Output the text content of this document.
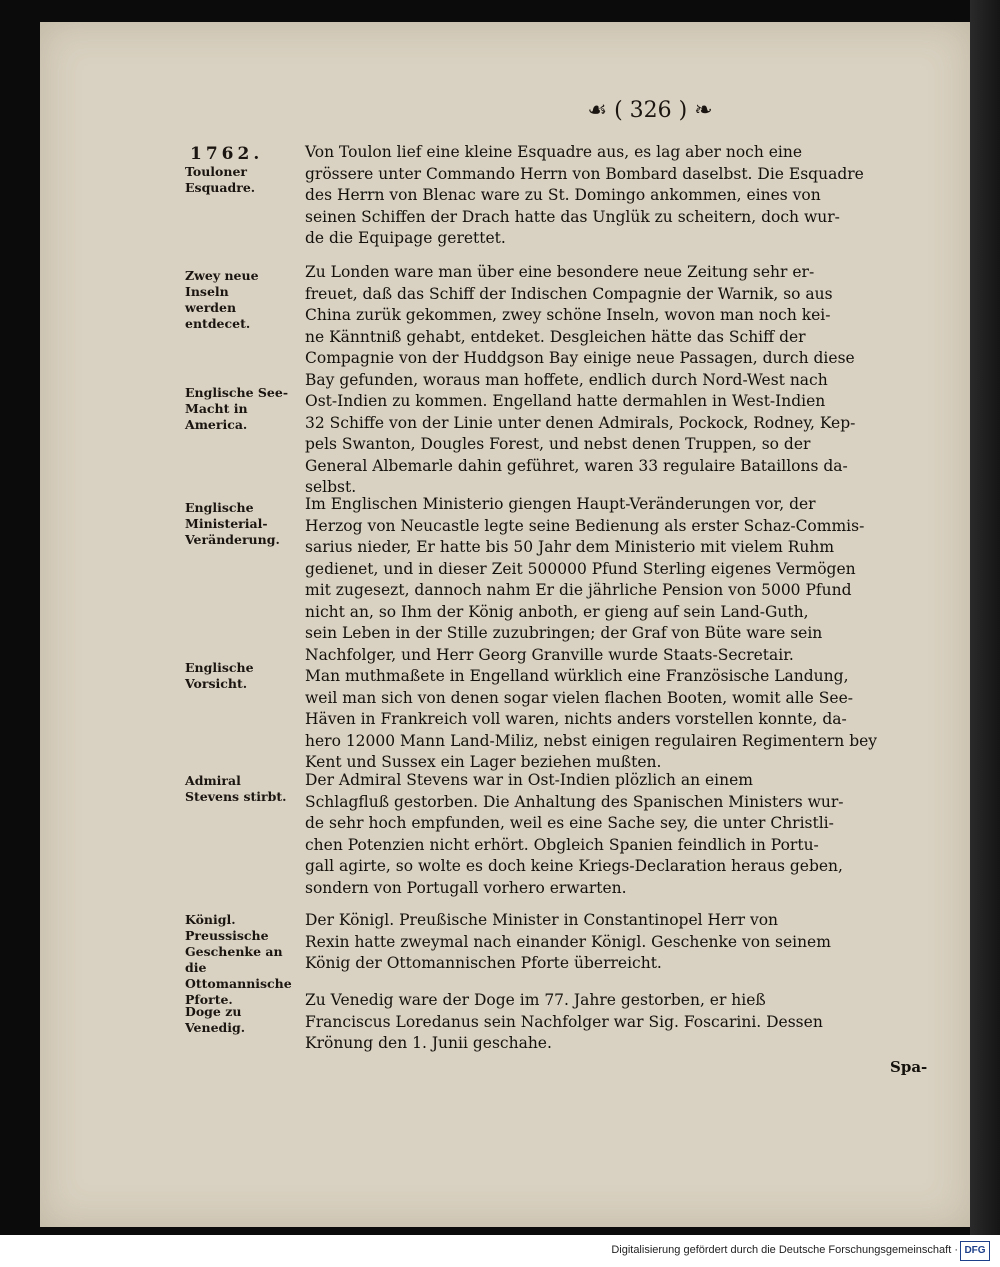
☙ ( 326 ) ❧
1762.
Touloner Esquadre.
Zwey neue Inseln werden entdecet.
Englische See-Macht in America.
Englische Ministerial-Veränderung.
Englische Vorsicht.
Admiral Stevens stirbt.
Königl. Preussische Geschenke an die Ottomannische Pforte.
Doge zu Venedig.
Von Toulon lief eine kleine Esquadre aus, es lag aber noch eine
grössere unter Commando Herrn von Bombard daselbst. Die Esquadre
des Herrn von Blenac ware zu St. Domingo ankommen, eines von
seinen Schiffen der Drach hatte das Unglük zu scheitern, doch wur-
de die Equipage gerettet.
Zu Londen ware man über eine besondere neue Zeitung sehr er-
freuet, daß das Schiff der Indischen Compagnie der Warnik, so aus
China zurük gekommen, zwey schöne Inseln, wovon man noch kei-
ne Känntniß gehabt, entdeket. Desgleichen hätte das Schiff der
Compagnie von der Huddgson Bay einige neue Passagen, durch diese
Bay gefunden, woraus man hoffete, endlich durch Nord-West nach
Ost-Indien zu kommen. Engelland hatte dermahlen in West-Indien
32 Schiffe von der Linie unter denen Admirals, Pockock, Rodney, Kep-
pels Swanton, Dougles Forest, und nebst denen Truppen, so der
General Albemarle dahin geführet, waren 33 regulaire Bataillons da-
selbst.
Im Englischen Ministerio giengen Haupt-Veränderungen vor, der
Herzog von Neucastle legte seine Bedienung als erster Schaz-Commis-
sarius nieder, Er hatte bis 50 Jahr dem Ministerio mit vielem Ruhm
gedienet, und in dieser Zeit 500000 Pfund Sterling eigenes Vermögen
mit zugesezt, dannoch nahm Er die jährliche Pension von 5000 Pfund
nicht an, so Ihm der König anboth, er gieng auf sein Land-Guth,
sein Leben in der Stille zuzubringen; der Graf von Büte ware sein
Nachfolger, und Herr Georg Granville wurde Staats-Secretair.
Man muthmaßete in Engelland würklich eine Französische Landung,
weil man sich von denen sogar vielen flachen Booten, womit alle See-
Häven in Frankreich voll waren, nichts anders vorstellen konnte, da-
hero 12000 Mann Land-Miliz, nebst einigen regulairen Regimentern bey
Kent und Sussex ein Lager beziehen mußten.
Der Admiral Stevens war in Ost-Indien plözlich an einem
Schlagfluß gestorben. Die Anhaltung des Spanischen Ministers wur-
de sehr hoch empfunden, weil es eine Sache sey, die unter Christli-
chen Potenzien nicht erhört. Obgleich Spanien feindlich in Portu-
gall agirte, so wolte es doch keine Kriegs-Declaration heraus geben,
sondern von Portugall vorhero erwarten.
Der Königl. Preußische Minister in Constantinopel Herr von
Rexin hatte zweymal nach einander Königl. Geschenke von seinem
König der Ottomannischen Pforte überreicht.
Zu Venedig ware der Doge im 77. Jahre gestorben, er hieß
Franciscus Loredanus sein Nachfolger war Sig. Foscarini. Dessen
Krönung den 1. Junii geschahe.
Spa-
Digitalisierung gefördert durch die Deutsche Forschungsgemeinschaft · DFG
